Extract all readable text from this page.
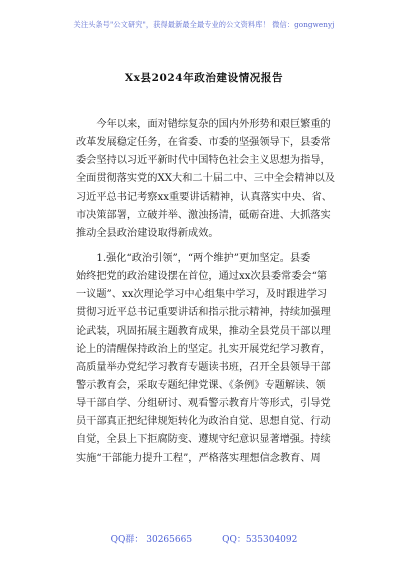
关注头条号"公文研究"，获得最新最全最专业的公文资料库！ 微信：gongwenyj
Xx县2024年政治建设情况报告
今年以来，面对错综复杂的国内外形势和艰巨繁重的
改革发展稳定任务，在省委、市委的坚强领导下，县委常
委会坚持以习近平新时代中国特色社会主义思想为指导，
全面贯彻落实党的XX大和二十届二中、三中全会精神以及
习近平总书记考察xx重要讲话精神，认真落实中央、省、
市决策部署，立破并举、激浊扬清，砥砺奋进、大抓落实
推动全县政治建设取得新成效。
1.强化“政治引领”，“两个维护”更加坚定。县委
始终把党的政治建设摆在首位，通过xx次县委常委会“第
一议题”、xx次理论学习中心组集中学习，及时跟进学习
贯彻习近平总书记重要讲话和指示批示精神，持续加强理
论武装，巩固拓展主题教育成果，推动全县党员干部以理
论上的清醒保持政治上的坚定。扎实开展党纪学习教育，
高质量举办党纪学习教育专题读书班，召开全县领导干部
警示教育会，采取专题纪律党课、《条例》专题解读、领
导干部自学、分组研讨、观看警示教育片等形式，引导党
员干部真正把纪律规矩转化为政治自觉、思想自觉、行动
自觉，全县上下拒腐防变、遵规守纪意识显著增强。持续
实施“干部能力提升工程”，严格落实理想信念教育、周
QQ群： 30265665	QQ：535304092
